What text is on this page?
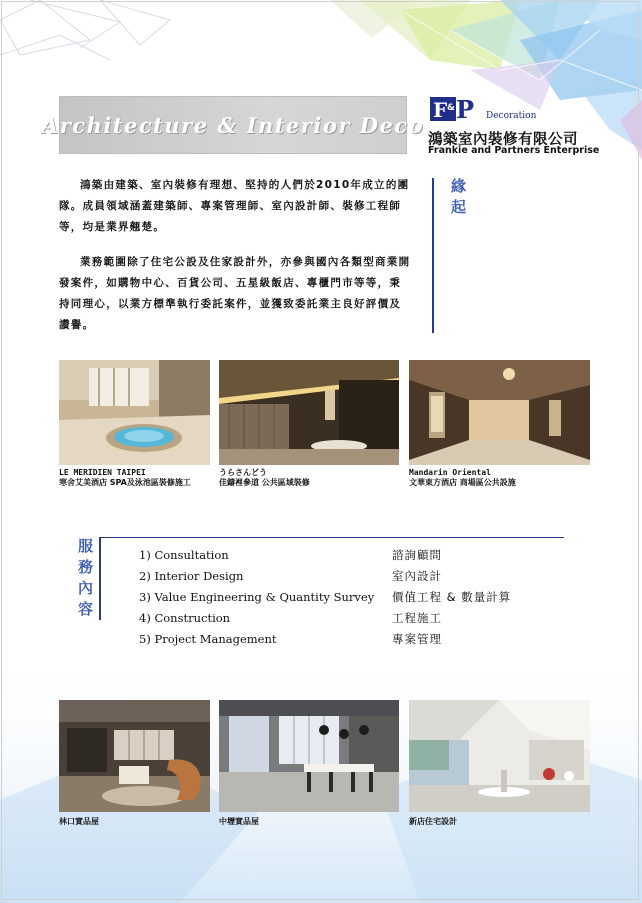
Architecture & Interior Deco
F & P Decoration
鴻築室內裝修有限公司
Frankie and Partners Enterprise

鴻築由建築、室內裝修有理想、堅持的人們於2010年成立的團隊。成員領域涵蓋建築師、專案管理師、室內設計師、裝修工程師等，均是業界翹楚。

業務範圍除了住宅公設及住家設計外，亦參與國內各類型商業開發案件，如購物中心、百貨公司、五星級飯店、專櫃門市等等，秉持同理心，以業方標準執行委託案件，並獲致委託業主良好評價及讚譽。

緣
起
LE MERIDIEN TAIPEI
寒舍艾美酒店 SPA及泳池區裝修施工
うらさんどう
佳鑄裡參道 公共區域裝修
Mandarin Oriental
文華東方酒店 商場區公共設施
服
務
內
容
1) Consultation
2) Interior Design
3) Value Engineering & Quantity Survey
4) Construction
5) Project Management
諮詢顧問
室內設計
價值工程 & 數量計算
工程施工
專案管理
林口實品屋	中壢實品屋	新店住宅設計
